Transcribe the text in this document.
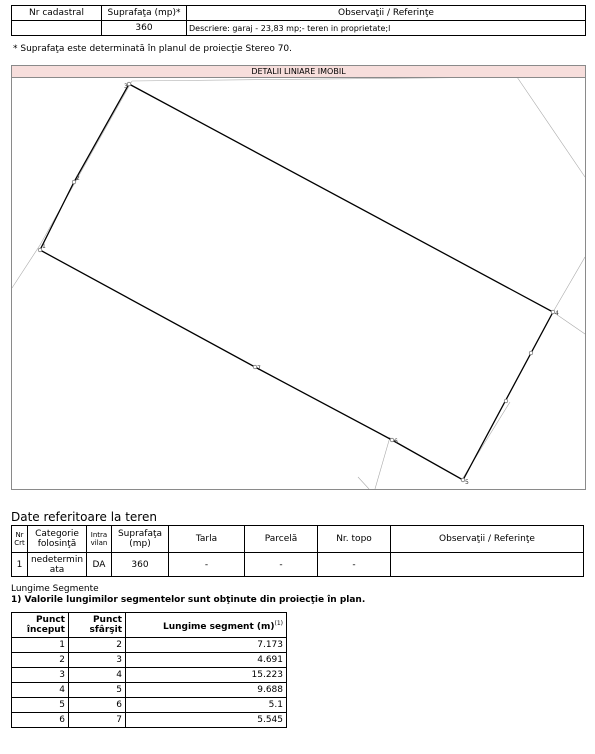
Nr cadastral	Suprafaţa (mp)*	Observaţii / Referinţe
	360	Descriere: garaj - 23,83 mp;- teren in proprietate;l
* Suprafaţa este determinată în planul de proiecţie Stereo 70.
1
2
3
4
5
6
7
DETALII LINIARE IMOBIL
Date referitoare la teren
Nr Crt	Categorie folosinţă	Intra vilan	Suprafaţa (mp)	Tarla	Parcelă	Nr. topo	Observaţii / Referinţe
1	nedeterminata	DA	360	-	-	-	
Lungime Segmente
1) Valorile lungimilor segmentelor sunt obţinute din proiecţie în plan.
Punct început	Punct sfârşit	Lungime segment $(m)^{(1)}$
1	2	7.173
2	3	4.691
3	4	15.223
4	5	9.688
5	6	5.1
6	7	5.545
